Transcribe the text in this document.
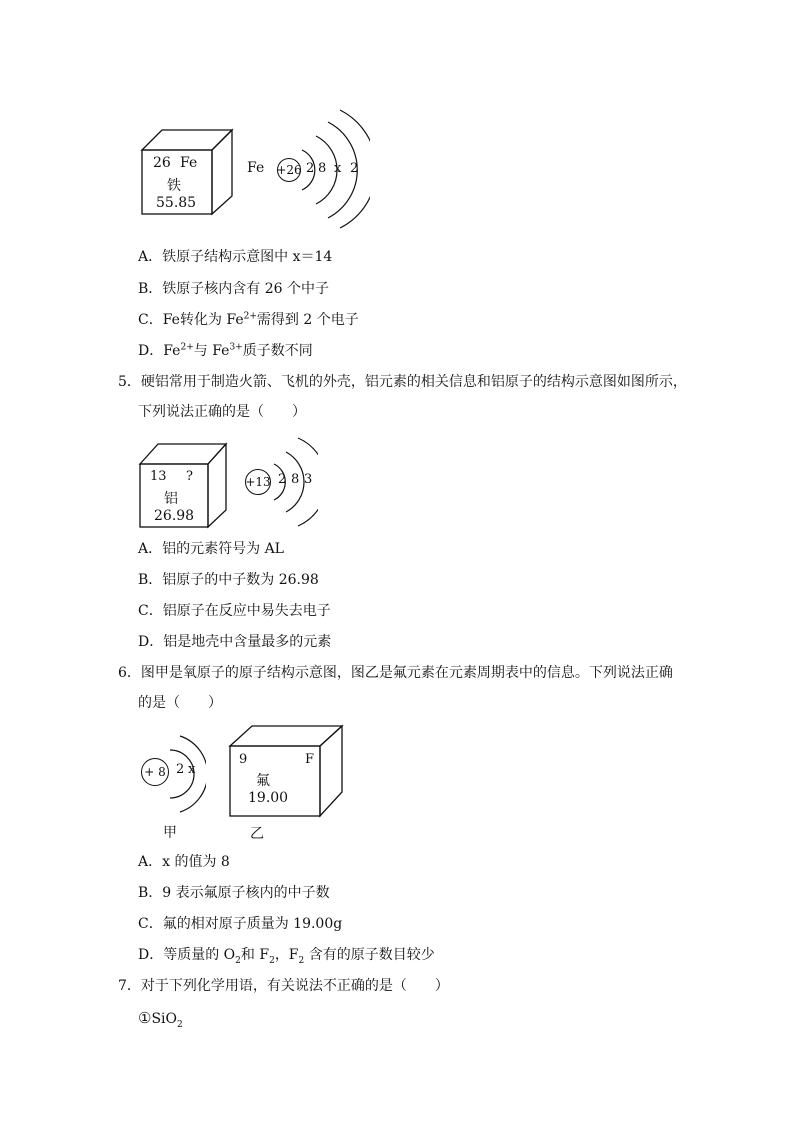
26 Fe
铁
55.85
Fe +26 2 8 x 2
A．铁原子结构示意图中 x＝14
B．铁原子核内含有 26 个中子
C．Fe转化为 $Fe^{2+}$需得到 2 个电子
D．$Fe^{2+}$与 $Fe^{3+}$质子数不同
5．硬铝常用于制造火箭、飞机的外壳，铝元素的相关信息和铝原子的结构示意图如图所示，
下列说法正确的是（　　）
13 ?
铝
26.98
+13 2 8 3
A．铝的元素符号为 AL
B．铝原子的中子数为 26.98
C．铝原子在反应中易失去电子
D．铝是地壳中含量最多的元素
6．图甲是氧原子的原子结构示意图，图乙是氟元素在元素周期表中的信息。下列说法正确
的是（　　）
+ 8 2 x
甲
9	F
氟
19.00
乙
A．x 的值为 8
B．9 表示氟原子核内的中子数
C．氟的相对原子质量为 19.00g
D．等质量的 $O_2$和 $F_2$，$F_2$ 含有的原子数目较少
7．对于下列化学用语，有关说法不正确的是（　　）
①SiO$_2$
